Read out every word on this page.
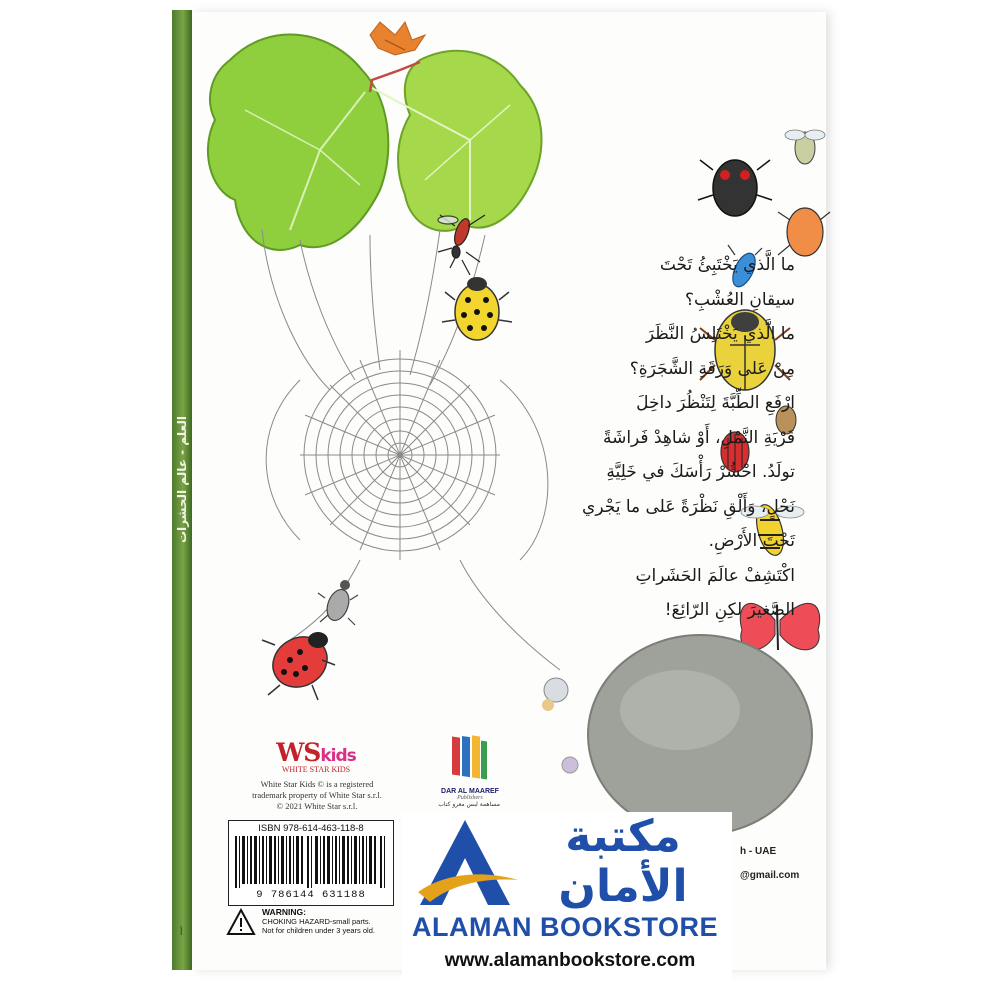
العلم - عالم الحشرات
أ
ما الَّذي يَخْتَبِئُ تَحْتَ
سيقانِ العُشْبِ؟
ما الَّذي يَخْتَلِسُ النَّظَرَ
مِنْ عَلى وَرَقَةِ الشَّجَرَةِ؟
ارْفَعِ الطِّبَّةَ لِتَنْظُرَ داخِلَ
قَرْيَةِ النَّمْلِ، أَوْ شاهِدْ فَراشَةً
تولَدُ. احْشُرْ رَأْسَكَ في خَلِيَّةِ
نَحْلٍ، وَأَلْقِ نَظْرَةً عَلى ما يَجْري
تَحْتَ الأَرْضِ.
اكْتَشِفْ عالَمَ الحَشَراتِ
الصَّغيرَ لكِنِ الرّائِعَ!
WSkids
WHITE STAR KIDS
White Star Kids © is a registered
trademark property of White Star s.r.l.
© 2021 White Star s.r.l.
ISBN 978-614-463-118-8
9 786144 631188
WARNING:
CHOKING HAZARD-small parts.
Not for children under 3 years old.
DAR AL MAAREF
Publishers
مساهمة لبس معرو كتاب
مكتبة
الأمان
ALAMAN BOOKSTORE
www.alamanbookstore.com
h - UAE
@gmail.com
